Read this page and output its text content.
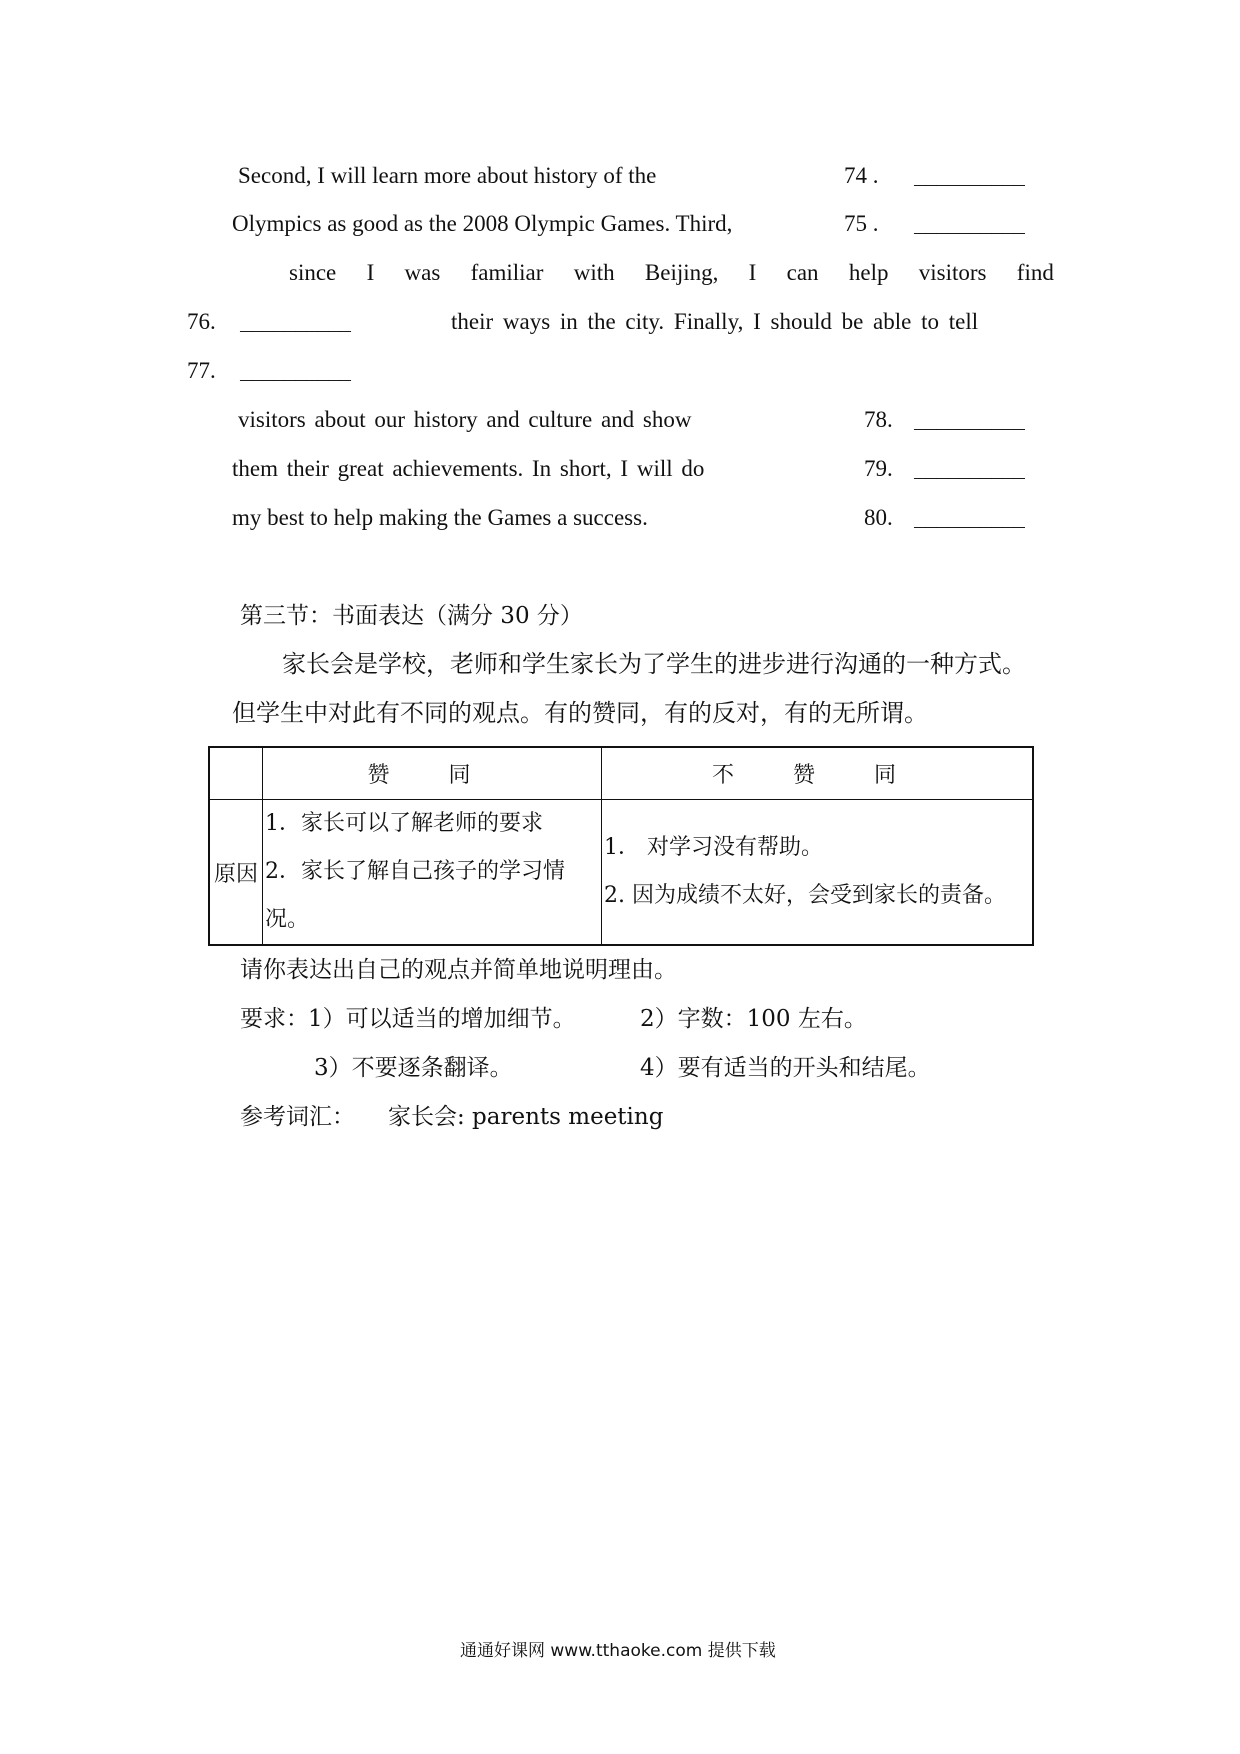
Second, I will learn more about history of the	74 . __________
Olympics as good as the 2008 Olympic Games. Third,	75 . __________
since I was familiar with Beijing, I can help visitors find
76. __________	their ways in the city. Finally, I should be able to tell
77. __________
visitors about our history and culture and show	78. __________
them their great achievements. In short, I will do	79. __________
my best to help making the Games a success.	80. __________
第三节：书面表达（满分 30 分）
家长会是学校，老师和学生家长为了学生的进步进行沟通的一种方式。
但学生中对此有不同的观点。有的赞同，有的反对，有的无所谓。
	赞 同	不 赞 同
原因	1．家长可以了解老师的要求
2．家长了解自己孩子的学习情
况。	1． 对学习没有帮助。
2. 因为成绩不太好，会受到家长的责备。
请你表达出自己的观点并简单地说明理由。
要求： 1）可以适当的增加细节。	2）字数：100 左右。
3）不要逐条翻译。	4）要有适当的开头和结尾。
参考词汇： 家长会: parents meeting
通通好课网 www.tthaoke.com 提供下载
